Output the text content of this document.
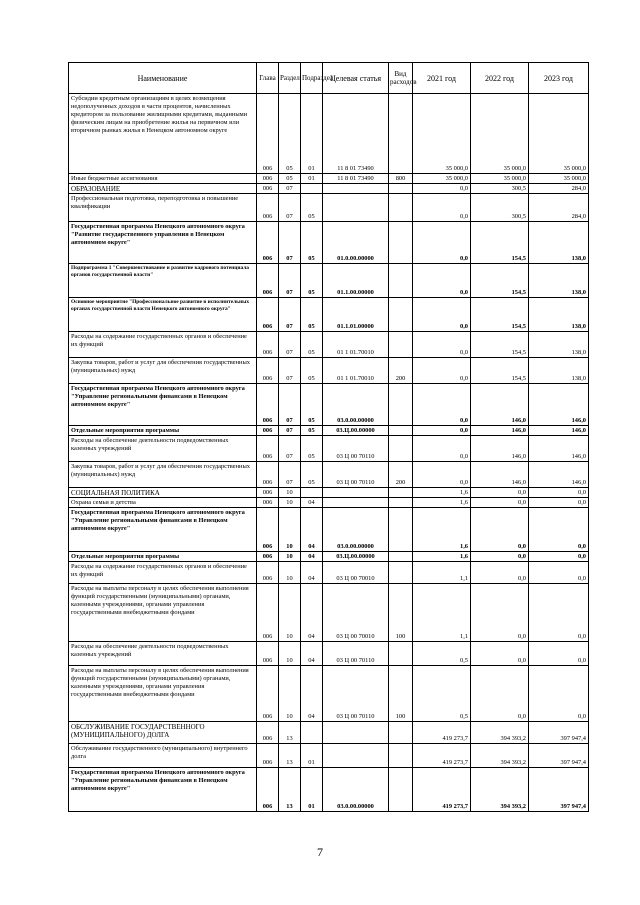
Наименование	Глава	Раздел	Подраздел	Целевая статья	Вид расходов	2021 год	2022 год	2023 год
Субсидии кредитным организациям в целях возмещения недополученных доходов в части процентов, начисленных кредитором за пользование жилищными кредитами, выданными физическим лицам на приобретение жилья на первичном или вторичном рынках жилья в Ненецком автономном округе	006	05	01	11 8 01 73490		35 000,0	35 000,0	35 000,0
Иные бюджетные ассигнования	006	05	01	11 8 01 73490	800	35 000,0	35 000,0	35 000,0
ОБРАЗОВАНИЕ	006	07				0,0	300,5	284,0
Профессиональная подготовка, переподготовка и повышение квалификации	006	07	05			0,0	300,5	284,0
Государственная программа Ненецкого автономного округа "Развитие государственного управления в Ненецком автономном округе"	006	07	05	01.0.00.00000		0,0	154,5	138,0
Подпрограмма 1 "Совершенствование и развитие кадрового потенциала органов государственной власти"	006	07	05	01.1.00.00000		0,0	154,5	138,0
Основное мероприятие "Профессиональное развитие в исполнительных органах государственной власти Ненецкого автономного округа"	006	07	05	01.1.01.00000		0,0	154,5	138,0
Расходы на содержание государственных органов и обеспечение их функций	006	07	05	01 1 01.70010		0,0	154,5	138,0
Закупка товаров, работ и услуг для обеспечения государственных (муниципальных) нужд	006	07	05	01 1 01.70010	200	0,0	154,5	138,0
Государственная программа Ненецкого автономного округа "Управление региональными финансами в Ненецком автономном округе"	006	07	05	03.0.00.00000		0,0	146,0	146,0
Отдельные мероприятия программы	006	07	05	03.Ц.00.00000		0,0	146,0	146,0
Расходы на обеспечение деятельности подведомственных казенных учреждений	006	07	05	03 Ц 00 70110		0,0	146,0	146,0
Закупка товаров, работ и услуг для обеспечения государственных (муниципальных) нужд	006	07	05	03 Ц 00 70110	200	0,0	146,0	146,0
СОЦИАЛЬНАЯ ПОЛИТИКА	006	10				1,6	0,0	0,0
Охрана семьи и детства	006	10	04			1,6	0,0	0,0
Государственная программа Ненецкого автономного округа "Управление региональными финансами в Ненецком автономном округе"	006	10	04	03.0.00.00000		1,6	0,0	0,0
Отдельные мероприятия программы	006	10	04	03.Ц.00.00000		1,6	0,0	0,0
Расходы на содержание государственных органов и обеспечение их функций	006	10	04	03 Ц 00 70010		1,1	0,0	0,0
Расходы на выплаты персоналу в целях обеспечения выполнения функций государственными (муниципальными) органами, казенными учреждениями, органами управления государственными внебюджетными фондами	006	10	04	03 Ц 00 70010	100	1,1	0,0	0,0
Расходы на обеспечение деятельности подведомственных казенных учреждений	006	10	04	03 Ц 00 70110		0,5	0,0	0,0
Расходы на выплаты персоналу в целях обеспечения выполнения функций государственными (муниципальными) органами, казенными учреждениями, органами управления государственными внебюджетными фондами	006	10	04	03 Ц 00 70110	100	0,5	0,0	0,0
ОБСЛУЖИВАНИЕ ГОСУДАРСТВЕННОГО (МУНИЦИПАЛЬНОГО) ДОЛГА	006	13				419 273,7	394 393,2	397 947,4
Обслуживание государственного (муниципального) внутреннего долга	006	13	01			419 273,7	394 393,2	397 947,4
Государственная программа Ненецкого автономного округа "Управление региональными финансами в Ненецком автономном округе"	006	13	01	03.0.00.00000		419 273,7	394 393,2	397 947,4
7
